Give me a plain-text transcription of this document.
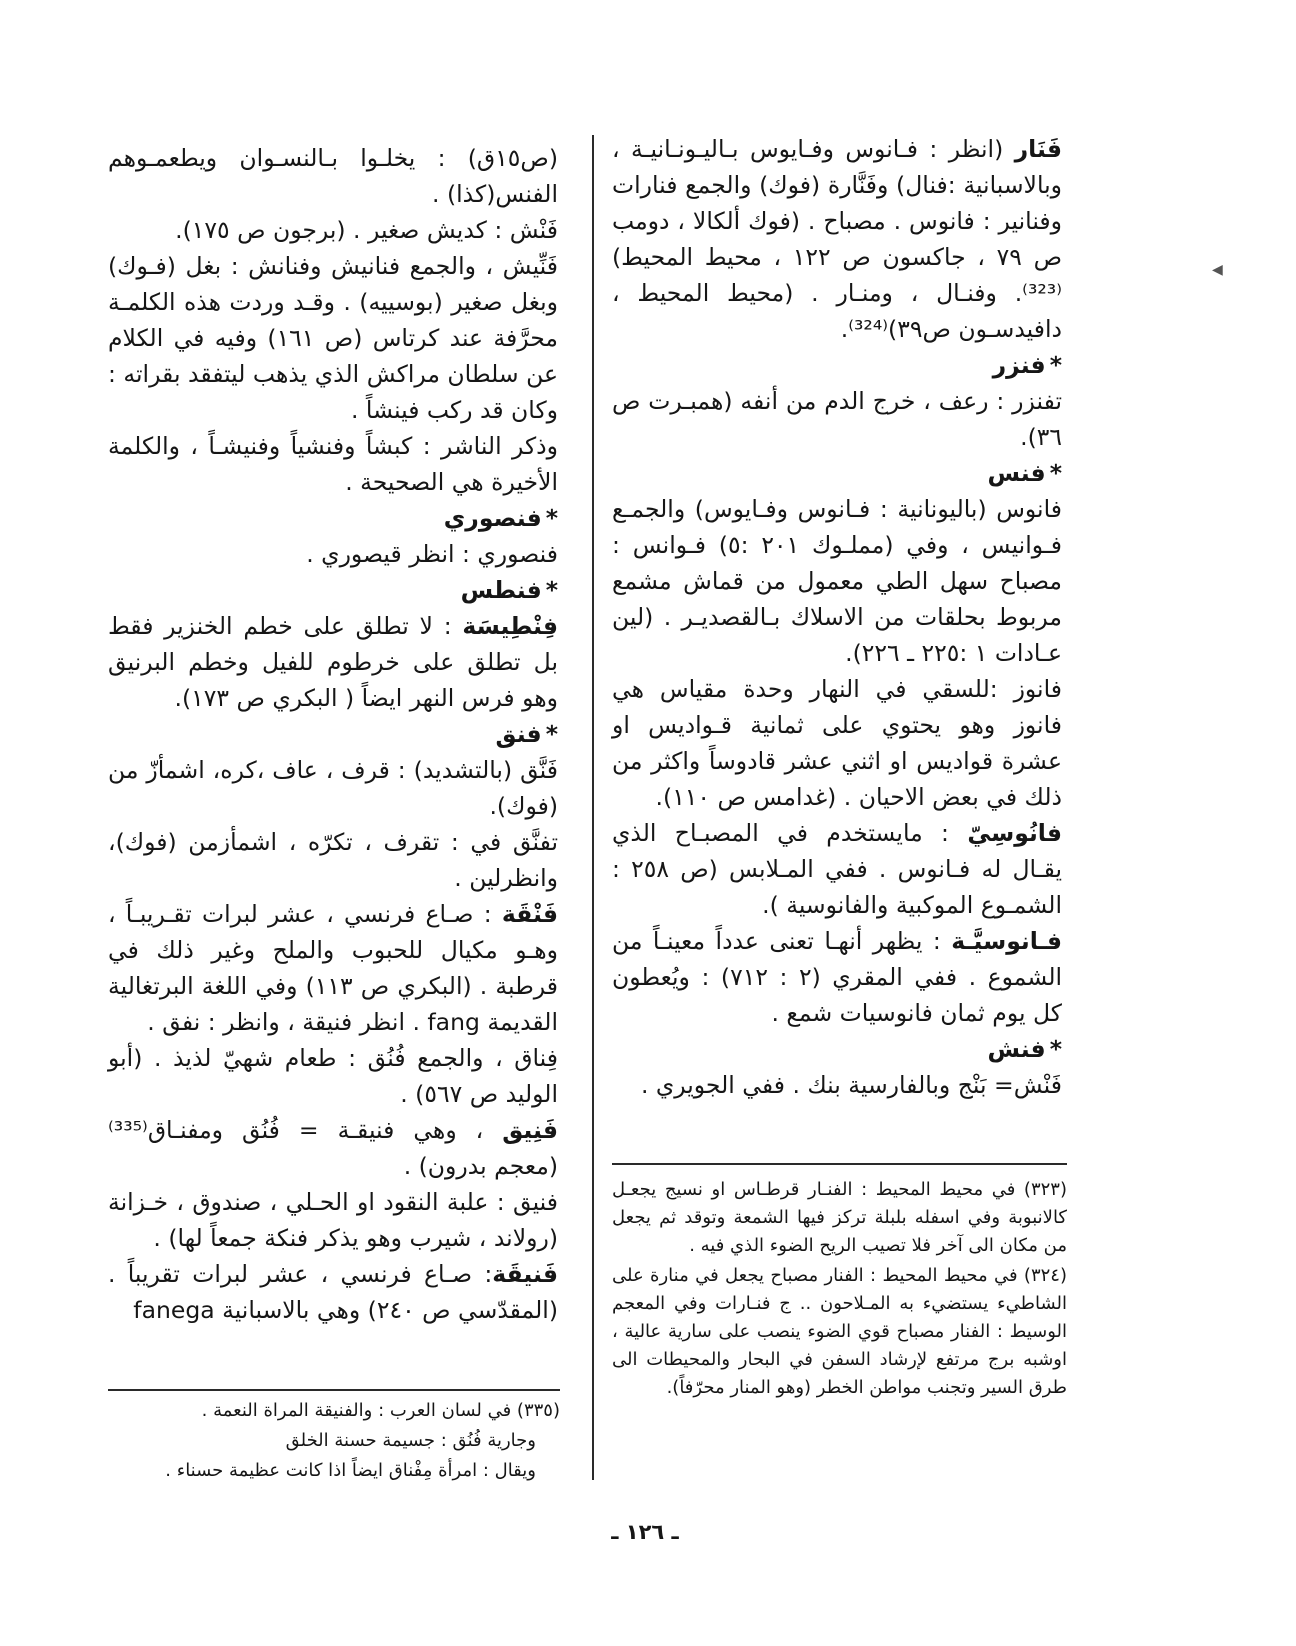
فَنَار (انظر : فـانوس وفـايوس بـاليـونـانيـة ، وبالاسبانية :فنال) وفَنَّارة (فوك) والجمع فنارات وفنانير : فانوس . مصباح . (فوك ألكالا ، دومب ص ٧٩ ، جاكسون ص ١٢٢ ، محيط المحيط)⁽³²³⁾. وفنـال ، ومنـار . (محيط المحيط ، دافيدسـون ص٣٩)⁽³²⁴⁾.

*فنزر

تفنزر : رعف ، خرج الدم من أنفه (همبـرت ص ٣٦).

*فنس

فانوس (باليونانية : فـانوس وفـايوس) والجمـع فـوانيس ، وفي (مملـوك ٢٠١ :٥) فـوانس : مصباح سهل الطي معمول من قماش مشمع مربوط بحلقات من الاسلاك بـالقصديـر . (لين عـادات ١ :٢٢٥ ـ ٢٢٦).

فانوز :للسقي في النهار وحدة مقياس هي فانوز وهو يحتوي على ثمانية قـواديس او عشرة قواديس او اثني عشر قادوساً واكثر من ذلك في بعض الاحيان . (غدامس ص ١١٠).

فانُوسِيّ : مايستخدم في المصبـاح الذي يقـال له فـانوس . ففي المـلابس (ص ٢٥٨ : الشمـوع الموكبية والفانوسية ).

فـانوسيَّـة : يظهر أنهـا تعنى عدداً معينـاً من الشموع . ففي المقري (٢ : ٧١٢) : ويُعطون كل يوم ثمان فانوسيات شمع .

*فنش

فَنْش= بَنْج وبالفارسية بنك . ففي الجويري .

(ص١٥ق) : يخلـوا بـالنسـوان ويطعمـوهم الفنس(كذا) .

فَنْش : كديش صغير . (برجون ص ١٧٥).

فَنِّيش ، والجمع فنانيش وفنانش : بغل (فـوك) وبغل صغير (بوسييه) . وقـد وردت هذه الكلمـة محرَّفة عند كرتاس (ص ١٦١) وفيه في الكلام عن سلطان مراكش الذي يذهب ليتفقد بقراته : وكان قد ركب فينشاً .

وذكر الناشر : كبشاً وفنشياً وفنيشـاً ، والكلمة الأخيرة هي الصحيحة .

*فنصوري

فنصوري : انظر قيصوري .

*فنطس

فِنْطِيسَة : لا تطلق على خطم الخنزير فقط بل تطلق على خرطوم للفيل وخطم البرنيق وهو فرس النهر ايضاً ( البكري ص ١٧٣).

*فنق

فَنَّق (بالتشديد) : قرف ، عاف ،كره، اشمأزّ من (فوك).

تفنَّق في : تقرف ، تكرّه ، اشمأزمن (فوك)، وانظرلين .

فَنْقَة : صـاع فرنسي ، عشر لبرات تقـريبـاً ، وهـو مكيال للحبوب والملح وغير ذلك في قرطبة . (البكري ص ١١٣) وفي اللغة البرتغالية القديمة fang . انظر فنيقة ، وانظر : نفق .

فِناق ، والجمع فُنُق : طعام شهيّ لذيذ . (أبو الوليد ص ٥٦٧) .

فَنِيق ، وهي فنيقـة = فُنُق ومفنـاق⁽³³⁵⁾ (معجم بدرون) .

فنيق : علبة النقود او الحـلي ، صندوق ، خـزانة (رولاند ، شيرب وهو يذكر فنكة جمعاً لها) .

فَنيقَة: صـاع فرنسي ، عشر لبرات تقريباً . (المقدّسي ص ٢٤٠) وهي بالاسبانية fanega

(٣٢٣) في محيط المحيط : الفنـار قرطـاس او نسيج يجعـل كالانبوبة وفي اسفله بلبلة تركز فيها الشمعة وتوقد ثم يجعل من مكان الى آخر فلا تصيب الريح الضوء الذي فيه .

(٣٢٤) في محيط المحيط : الفنار مصباح يجعل في منارة على الشاطيء يستضيء به المـلاحون .. ج فنـارات وفي المعجم الوسيط : الفنار مصباح قوي الضوء ينصب على سارية عالية ، اوشبه برج مرتفع لإرشاد السفن في البحار والمحيطات الى طرق السير وتجنب مواطن الخطر (وهو المنار محرّفاً).

(٣٣٥) في لسان العرب : والفنيقة المراة النعمة .

وجارية فُنُق : جسيمة حسنة الخلق

ويقال : امرأة مِفْناق ايضاً اذا كانت عظيمة حسناء .

ـ ١٢٦ ـ
◀
